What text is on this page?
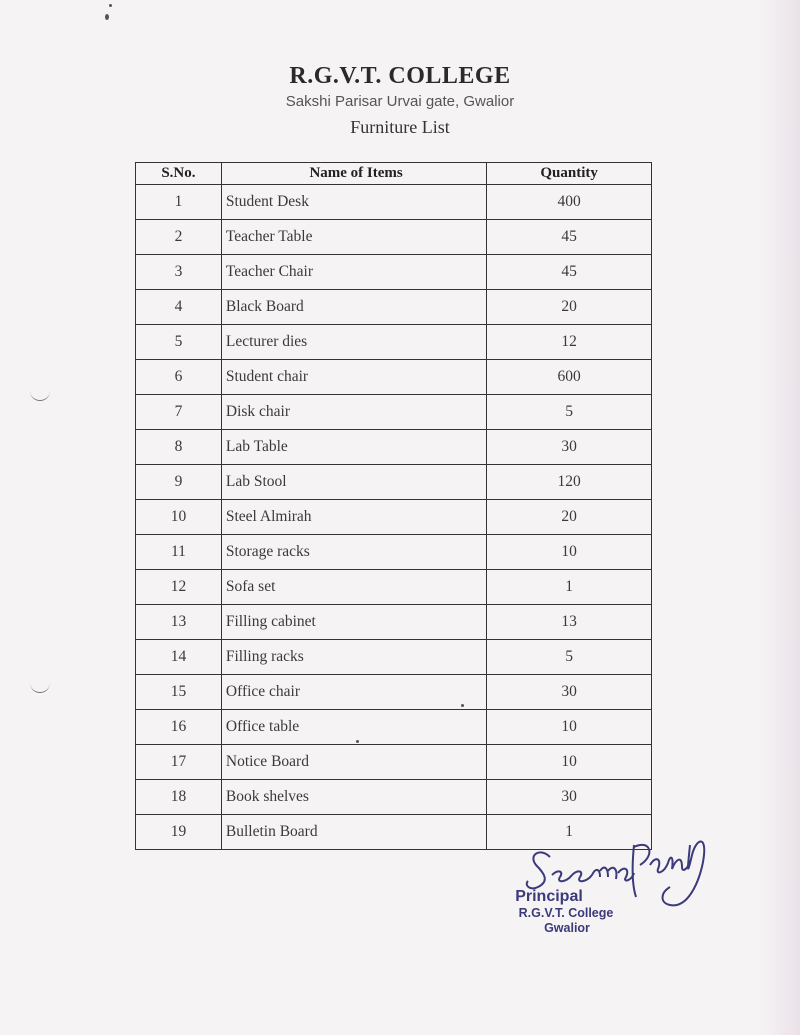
R.G.V.T. COLLEGE
Sakshi Parisar Urvai gate, Gwalior
Furniture List
S.No.	Name of Items	Quantity
1	Student Desk	400
2	Teacher Table	45
3	Teacher Chair	45
4	Black Board	20
5	Lecturer dies	12
6	Student chair	600
7	Disk chair	5
8	Lab Table	30
9	Lab Stool	120
10	Steel Almirah	20
11	Storage racks	10
12	Sofa set	1
13	Filling cabinet	13
14	Filling racks	5
15	Office chair	30
16	Office table	10
17	Notice Board	10
18	Book shelves	30
19	Bulletin Board	1
Principal
R.G.V.T. College
Gwalior
